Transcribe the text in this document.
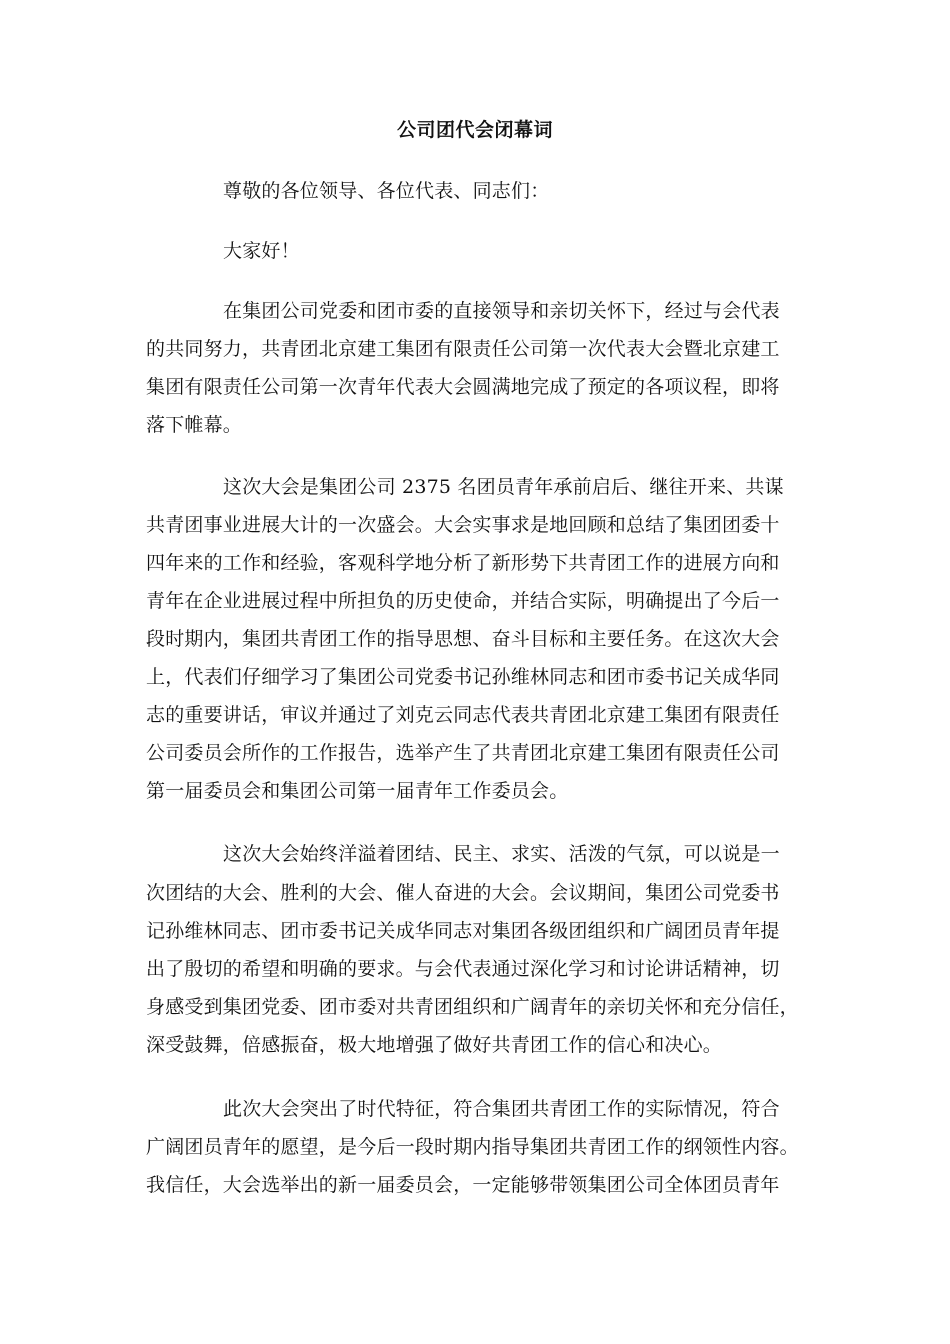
公司团代会闭幕词
尊敬的各位领导、各位代表、同志们：
大家好！
在集团公司党委和团市委的直接领导和亲切关怀下，经过与会代表
的共同努力，共青团北京建工集团有限责任公司第一次代表大会暨北京建工
集团有限责任公司第一次青年代表大会圆满地完成了预定的各项议程，即将
落下帷幕。
这次大会是集团公司 2375 名团员青年承前启后、继往开来、共谋
共青团事业进展大计的一次盛会。大会实事求是地回顾和总结了集团团委十
四年来的工作和经验，客观科学地分析了新形势下共青团工作的进展方向和
青年在企业进展过程中所担负的历史使命，并结合实际，明确提出了今后一
段时期内，集团共青团工作的指导思想、奋斗目标和主要任务。在这次大会
上，代表们仔细学习了集团公司党委书记孙维林同志和团市委书记关成华同
志的重要讲话，审议并通过了刘克云同志代表共青团北京建工集团有限责任
公司委员会所作的工作报告，选举产生了共青团北京建工集团有限责任公司
第一届委员会和集团公司第一届青年工作委员会。
这次大会始终洋溢着团结、民主、求实、活泼的气氛，可以说是一
次团结的大会、胜利的大会、催人奋进的大会。会议期间，集团公司党委书
记孙维林同志、团市委书记关成华同志对集团各级团组织和广阔团员青年提
出了殷切的希望和明确的要求。与会代表通过深化学习和讨论讲话精神，切
身感受到集团党委、团市委对共青团组织和广阔青年的亲切关怀和充分信任，
深受鼓舞，倍感振奋，极大地增强了做好共青团工作的信心和决心。
此次大会突出了时代特征，符合集团共青团工作的实际情况，符合
广阔团员青年的愿望，是今后一段时期内指导集团共青团工作的纲领性内容。
我信任，大会选举出的新一届委员会，一定能够带领集团公司全体团员青年
